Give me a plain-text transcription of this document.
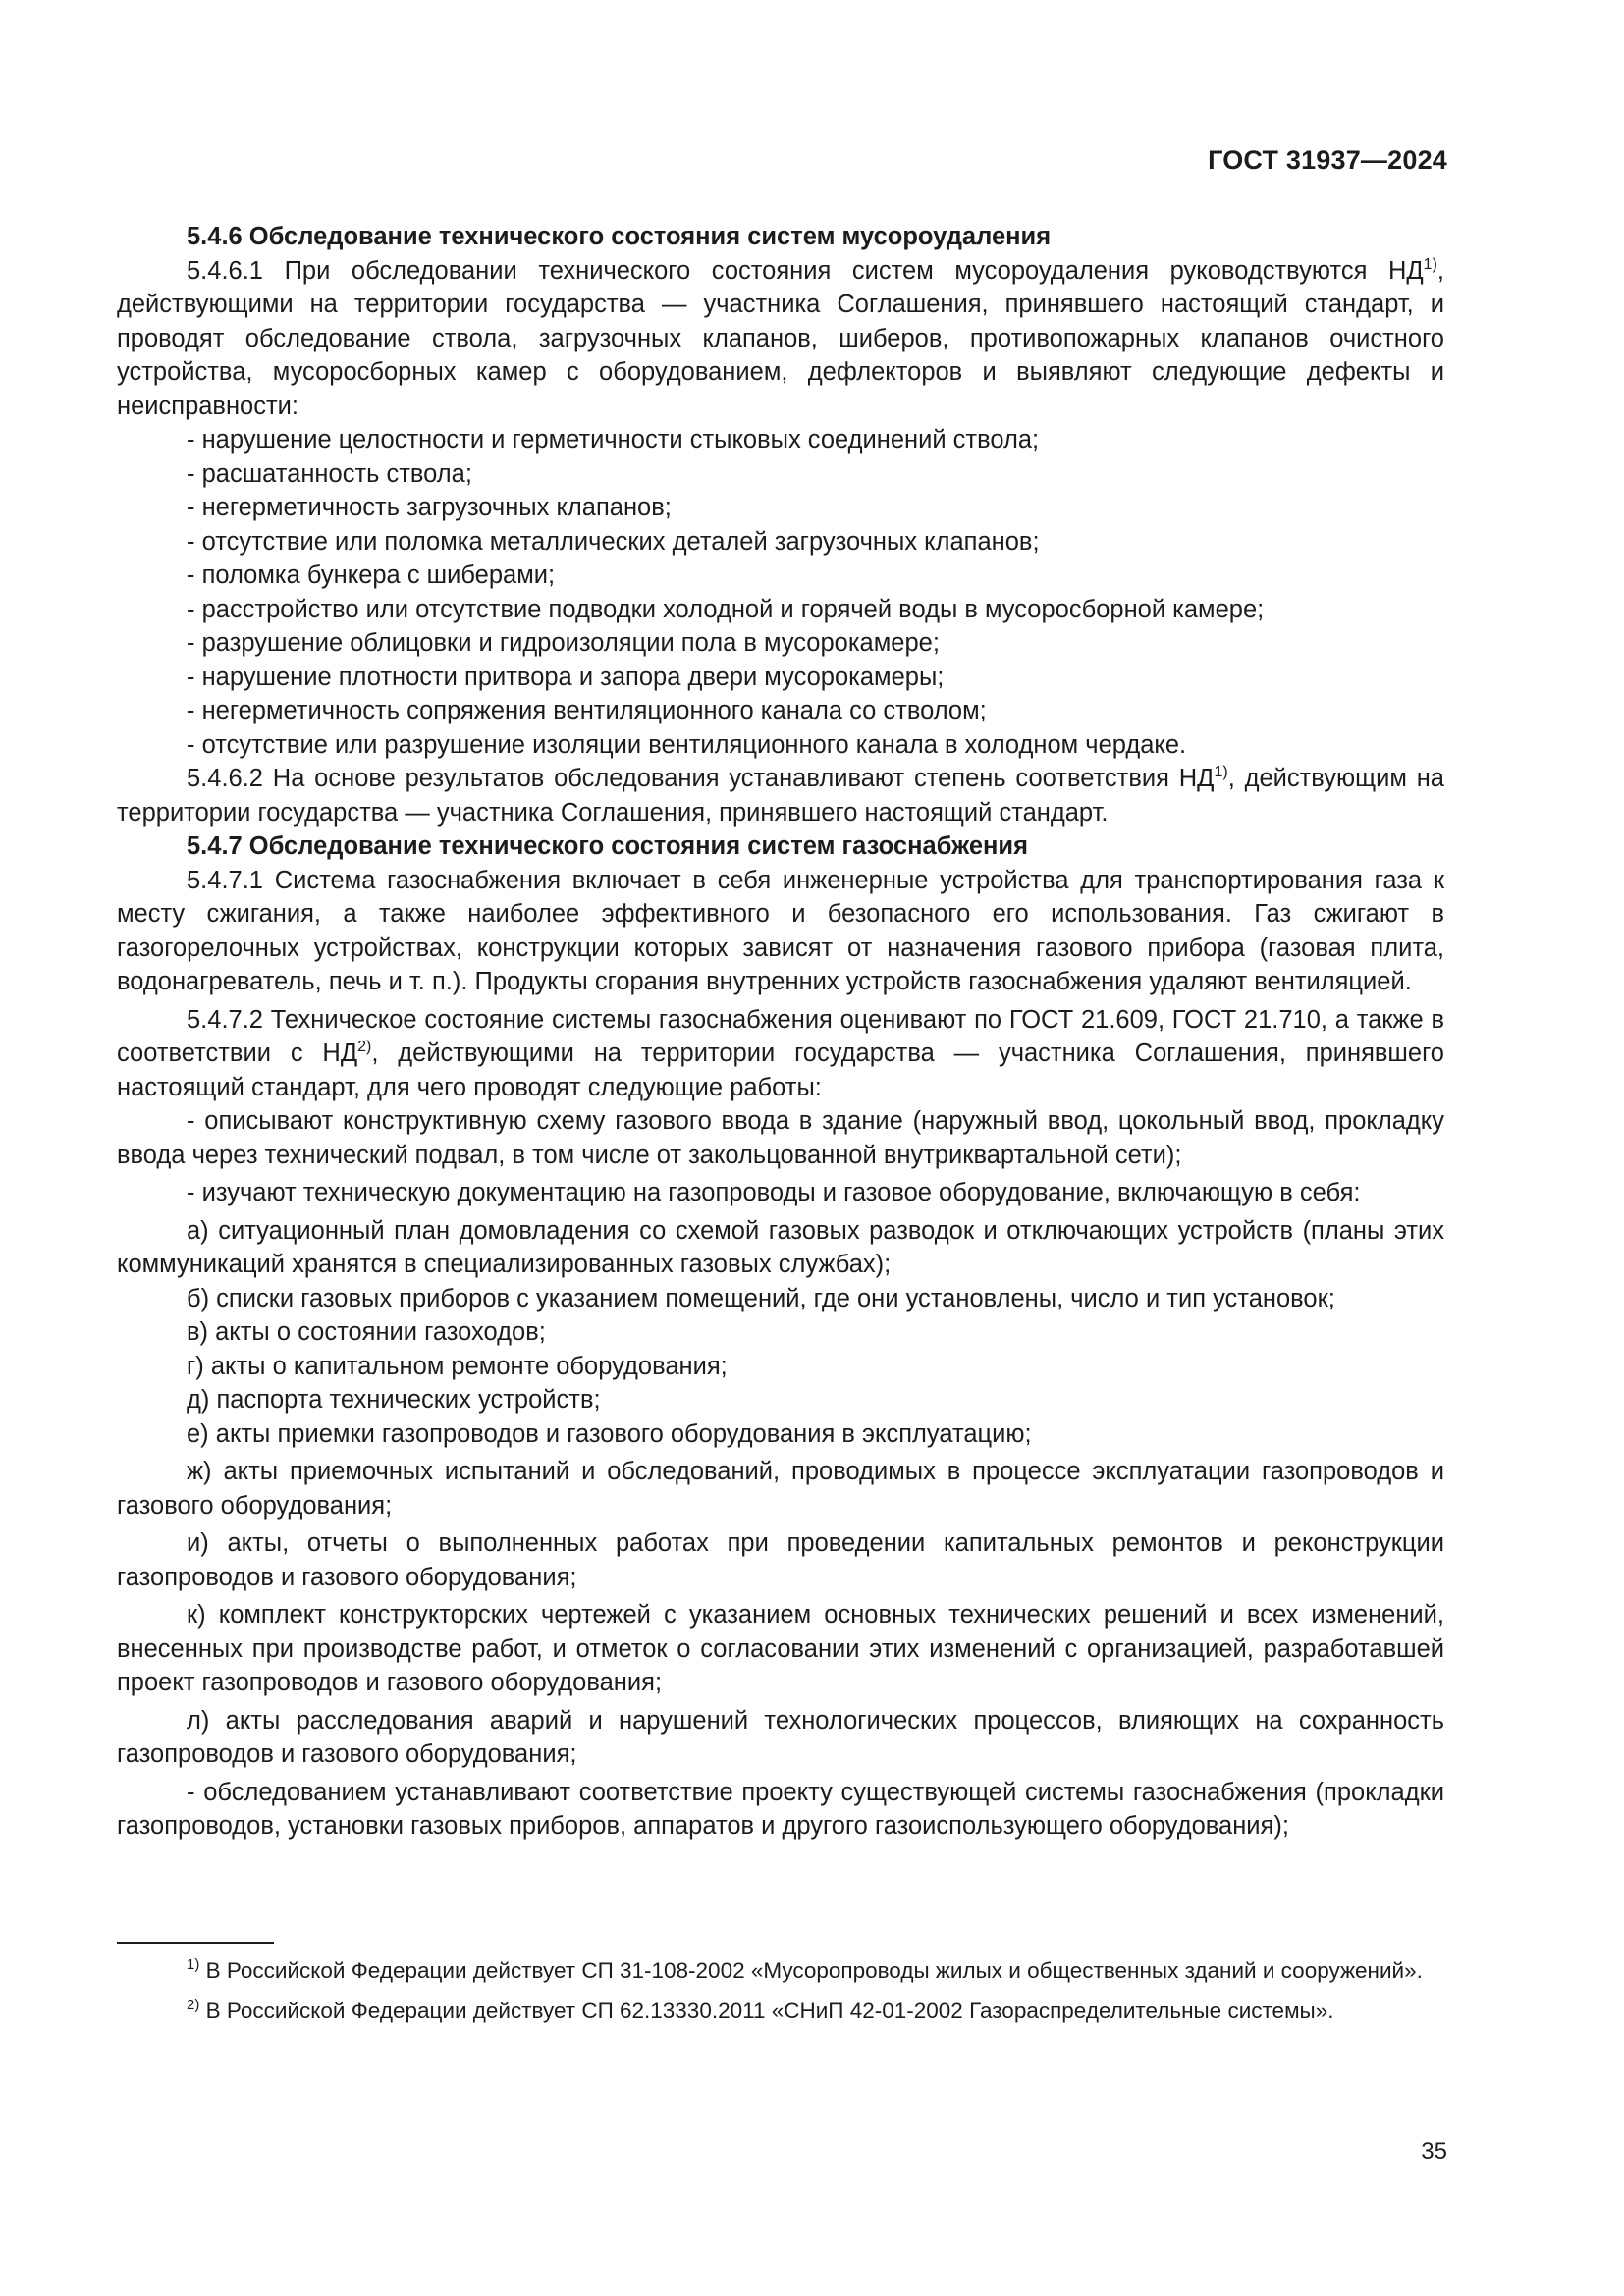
ГОСТ 31937—2024

5.4.6 Обследование технического состояния систем мусороудаления

5.4.6.1 При обследовании технического состояния систем мусороудаления руководствуются НД$^{1)}$, действующими на территории государства — участника Соглашения, принявшего настоящий стандарт, и проводят обследование ствола, загрузочных клапанов, шиберов, противопожарных клапанов очистного устройства, мусоросборных камер с оборудованием, дефлекторов и выявляют следующие дефекты и неисправности:

- нарушение целостности и герметичности стыковых соединений ствола;

- расшатанность ствола;

- негерметичность загрузочных клапанов;

- отсутствие или поломка металлических деталей загрузочных клапанов;

- поломка бункера с шиберами;

- расстройство или отсутствие подводки холодной и горячей воды в мусоросборной камере;

- разрушение облицовки и гидроизоляции пола в мусорокамере;

- нарушение плотности притвора и запора двери мусорокамеры;

- негерметичность сопряжения вентиляционного канала со стволом;

- отсутствие или разрушение изоляции вентиляционного канала в холодном чердаке.

5.4.6.2 На основе результатов обследования устанавливают степень соответствия НД$^{1)}$, действующим на территории государства — участника Соглашения, принявшего настоящий стандарт.

5.4.7 Обследование технического состояния систем газоснабжения

5.4.7.1 Система газоснабжения включает в себя инженерные устройства для транспортирования газа к месту сжигания, а также наиболее эффективного и безопасного его использования. Газ сжигают в газогорелочных устройствах, конструкции которых зависят от назначения газового прибора (газовая плита, водонагреватель, печь и т. п.). Продукты сгорания внутренних устройств газоснабжения удаляют вентиляцией.

5.4.7.2 Техническое состояние системы газоснабжения оценивают по ГОСТ 21.609, ГОСТ 21.710, а также в соответствии с НД$^{2)}$, действующими на территории государства — участника Соглашения, принявшего настоящий стандарт, для чего проводят следующие работы:

- описывают конструктивную схему газового ввода в здание (наружный ввод, цокольный ввод, прокладку ввода через технический подвал, в том числе от закольцованной внутриквартальной сети);

- изучают техническую документацию на газопроводы и газовое оборудование, включающую в себя:

а) ситуационный план домовладения со схемой газовых разводок и отключающих устройств (планы этих коммуникаций хранятся в специализированных газовых службах);

б) списки газовых приборов с указанием помещений, где они установлены, число и тип установок;

в) акты о состоянии газоходов;

г) акты о капитальном ремонте оборудования;

д) паспорта технических устройств;

е) акты приемки газопроводов и газового оборудования в эксплуатацию;

ж) акты приемочных испытаний и обследований, проводимых в процессе эксплуатации газопроводов и газового оборудования;

и) акты, отчеты о выполненных работах при проведении капитальных ремонтов и реконструкции газопроводов и газового оборудования;

к) комплект конструкторских чертежей с указанием основных технических решений и всех изменений, внесенных при производстве работ, и отметок о согласовании этих изменений с организацией, разработавшей проект газопроводов и газового оборудования;

л) акты расследования аварий и нарушений технологических процессов, влияющих на сохранность газопроводов и газового оборудования;

- обследованием устанавливают соответствие проекту существующей системы газоснабжения (прокладки газопроводов, установки газовых приборов, аппаратов и другого газоиспользующего оборудования);

$^{1)}$ В Российской Федерации действует СП 31-108-2002 «Мусоропроводы жилых и общественных зданий и сооружений».

$^{2)}$ В Российской Федерации действует СП 62.13330.2011 «СНиП 42-01-2002 Газораспределительные системы».

35
